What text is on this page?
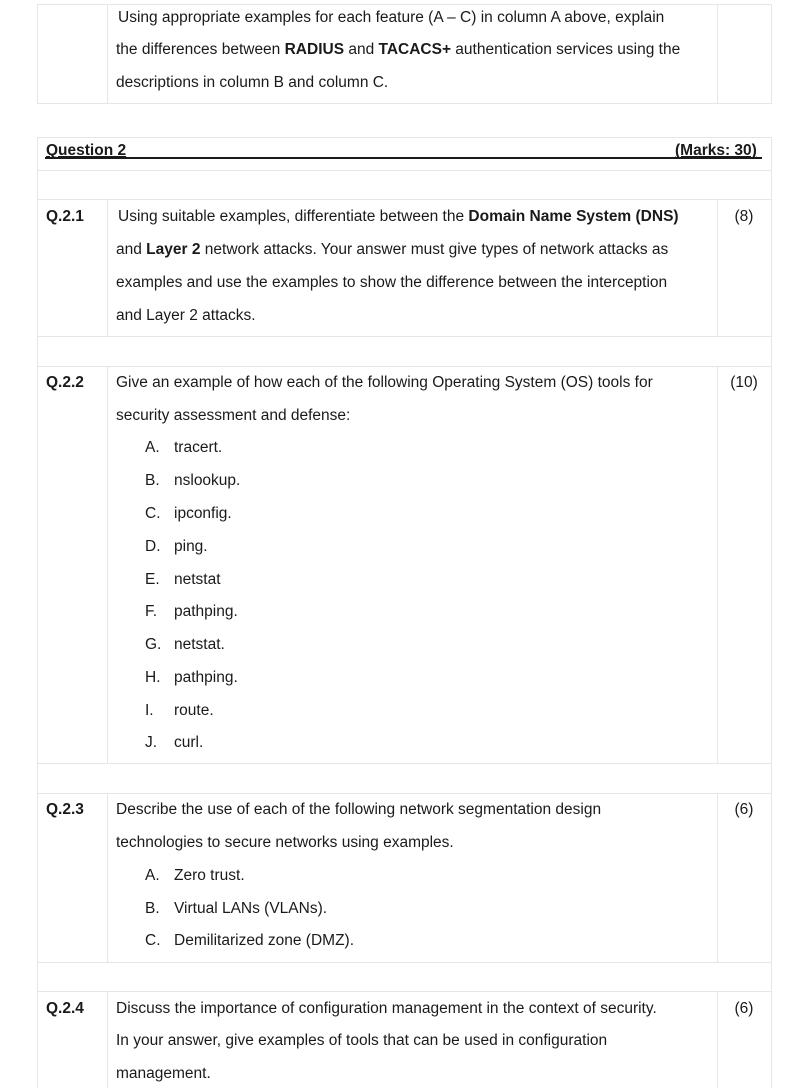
Using appropriate examples for each feature (A – C) in column A above, explain
the differences between RADIUS and TACACS+ authentication services using the
descriptions in column B and column C.
Question 2	(Marks: 30)
Q.2.1	(8)
Using suitable examples, differentiate between the Domain Name System (DNS)
and Layer 2 network attacks. Your answer must give types of network attacks as
examples and use the examples to show the difference between the interception
and Layer 2 attacks.
Q.2.2	(10)
Give an example of how each of the following Operating System (OS) tools for
security assessment and defense:
A. tracert.
B. nslookup.
C. ipconfig.
D. ping.
E. netstat
F.	pathping.
G. netstat.
H. pathping.
I.	route.
J.	curl.
Q.2.3	(6)
Describe the use of each of the following network segmentation design
technologies to secure networks using examples.
A. Zero trust.
B. Virtual LANs (VLANs).
C. Demilitarized zone (DMZ).
Q.2.4	(6)
Discuss the importance of configuration management in the context of security.
In your answer, give examples of tools that can be used in configuration
management.
